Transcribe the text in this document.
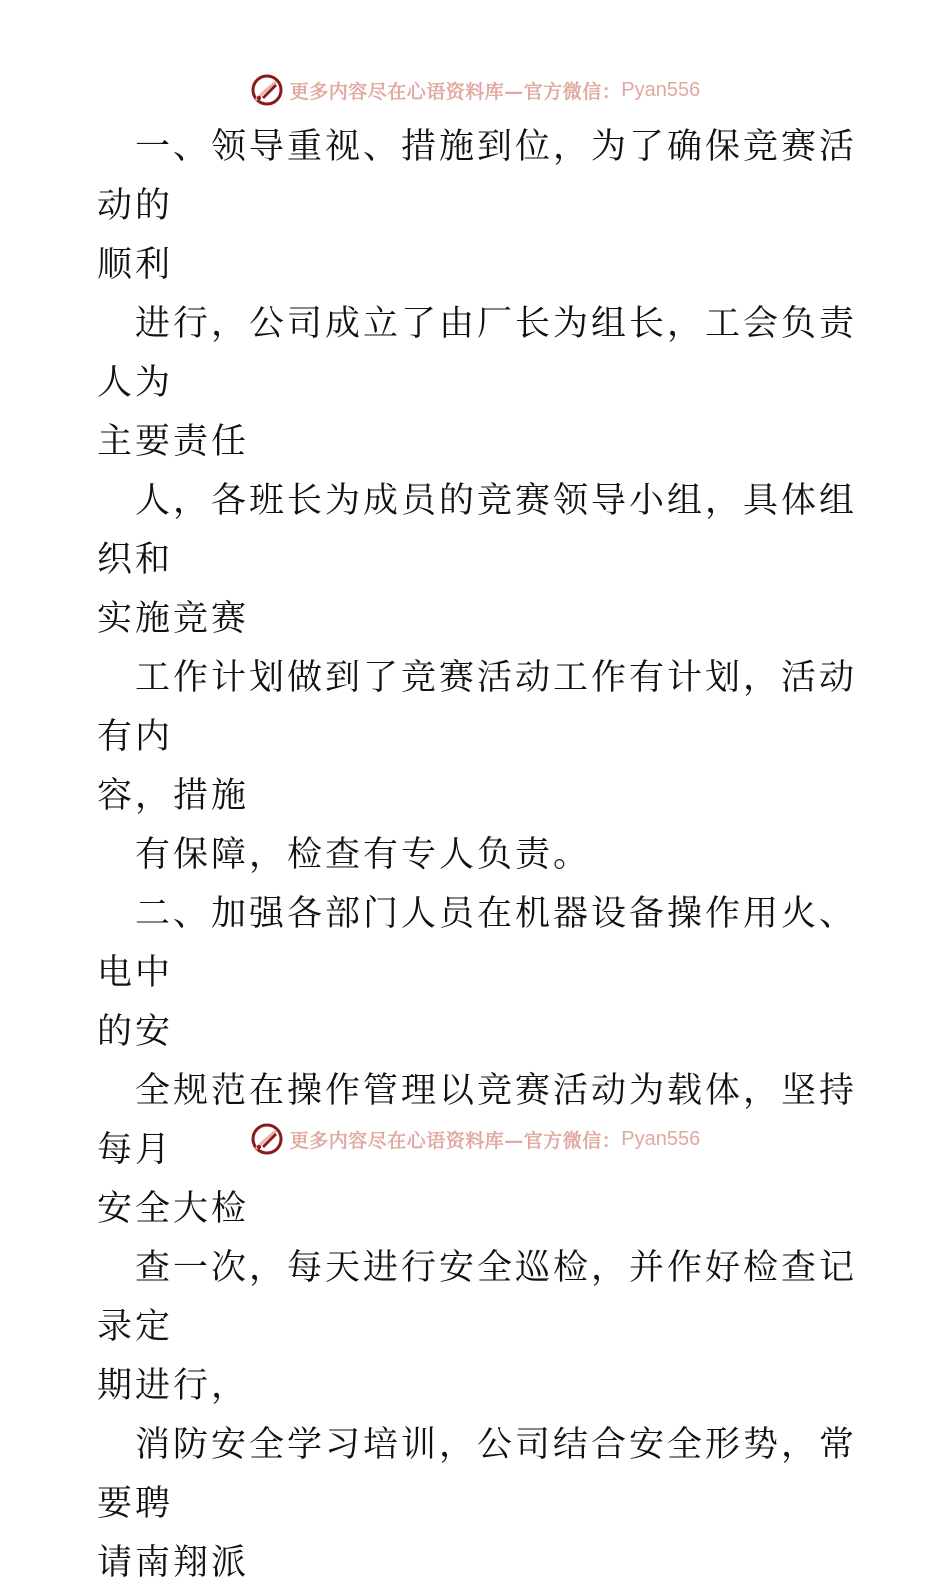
更多内容尽在心语资料库—官方微信： Pyan556

一、领导重视、措施到位，为了确保竞赛活动的
顺利

进行，公司成立了由厂长为组长，工会负责人为
主要责任

人，各班长为成员的竞赛领导小组，具体组织和
实施竞赛

工作计划做到了竞赛活动工作有计划，活动有内
容，措施

有保障，检查有专人负责。

二、加强各部门人员在机器设备操作用火、电中
的安

全规范在操作管理以竞赛活动为载体，坚持每月
安全大检

查一次，每天进行安全巡检，并作好检查记录定
期进行，

消防安全学习培训，公司结合安全形势，常要聘
请南翔派

更多内容尽在心语资料库—官方微信： Pyan556
